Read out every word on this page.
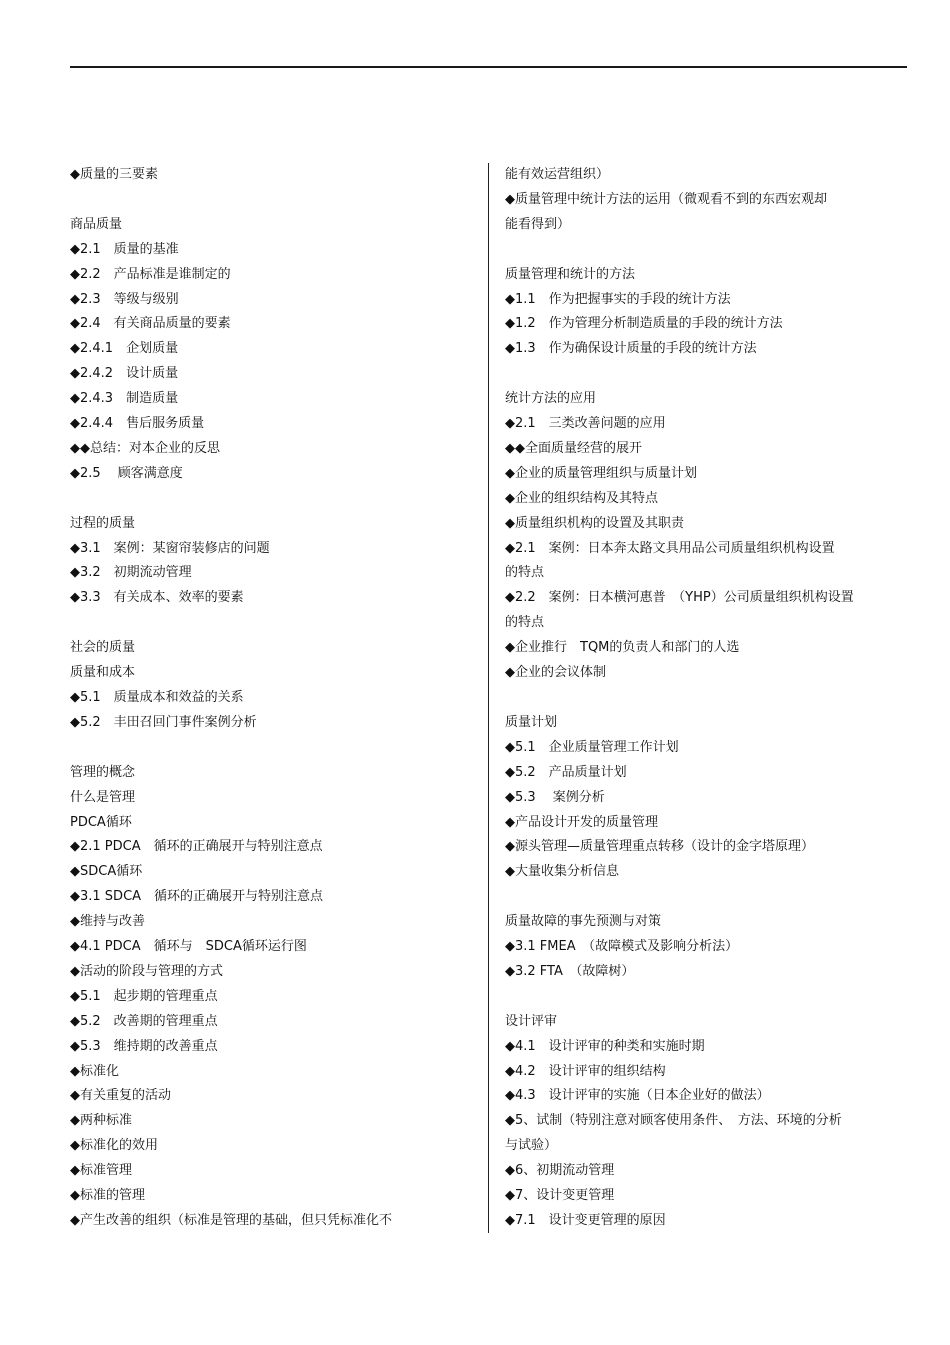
◆质量的三要素
商品质量
◆2.1　质量的基准
◆2.2　产品标准是谁制定的
◆2.3　等级与级别
◆2.4　有关商品质量的要素
◆2.4.1　企划质量
◆2.4.2　设计质量
◆2.4.3　制造质量
◆2.4.4　售后服务质量
◆◆总结：对本企业的反思
◆2.5　 顾客满意度
过程的质量
◆3.1　案例：某窗帘装修店的问题
◆3.2　初期流动管理
◆3.3　有关成本、效率的要素
社会的质量
质量和成本
◆5.1　质量成本和效益的关系
◆5.2　丰田召回门事件案例分析
管理的概念
什么是管理
PDCA循环
◆2.1 PDCA　循环的正确展开与特别注意点
◆SDCA循环
◆3.1 SDCA　循环的正确展开与特别注意点
◆维持与改善
◆4.1 PDCA　循环与　SDCA循环运行图
◆活动的阶段与管理的方式
◆5.1　起步期的管理重点
◆5.2　改善期的管理重点
◆5.3　维持期的改善重点
◆标准化
◆有关重复的活动
◆两种标准
◆标准化的效用
◆标准管理
◆标准的管理
◆产生改善的组织（标准是管理的基础，但只凭标准化不
能有效运营组织）
◆质量管理中统计方法的运用（微观看不到的东西宏观却
能看得到）
质量管理和统计的方法
◆1.1　作为把握事实的手段的统计方法
◆1.2　作为管理分析制造质量的手段的统计方法
◆1.3　作为确保设计质量的手段的统计方法
统计方法的应用
◆2.1　三类改善问题的应用
◆◆全面质量经营的展开
◆企业的质量管理组织与质量计划
◆企业的组织结构及其特点
◆质量组织机构的设置及其职责
◆2.1　案例：日本奔太路文具用品公司质量组织机构设置
的特点
◆2.2　案例：日本横河惠普　（YHP）公司质量组织机构设置
的特点
◆企业推行　TQM的负责人和部门的人选
◆企业的会议体制
质量计划
◆5.1　企业质量管理工作计划
◆5.2　产品质量计划
◆5.3　 案例分析
◆产品设计开发的质量管理
◆源头管理—质量管理重点转移（设计的金字塔原理）
◆大量收集分析信息
质量故障的事先预测与对策
◆3.1 FMEA　（故障模式及影响分析法）
◆3.2 FTA　（故障树）
设计评审
◆4.1　设计评审的种类和实施时期
◆4.2　设计评审的组织结构
◆4.3　设计评审的实施（日本企业好的做法）
◆5、试制（特别注意对顾客使用条件、　方法、环境的分析
与试验）
◆6、初期流动管理
◆7、设计变更管理
◆7.1　设计变更管理的原因
